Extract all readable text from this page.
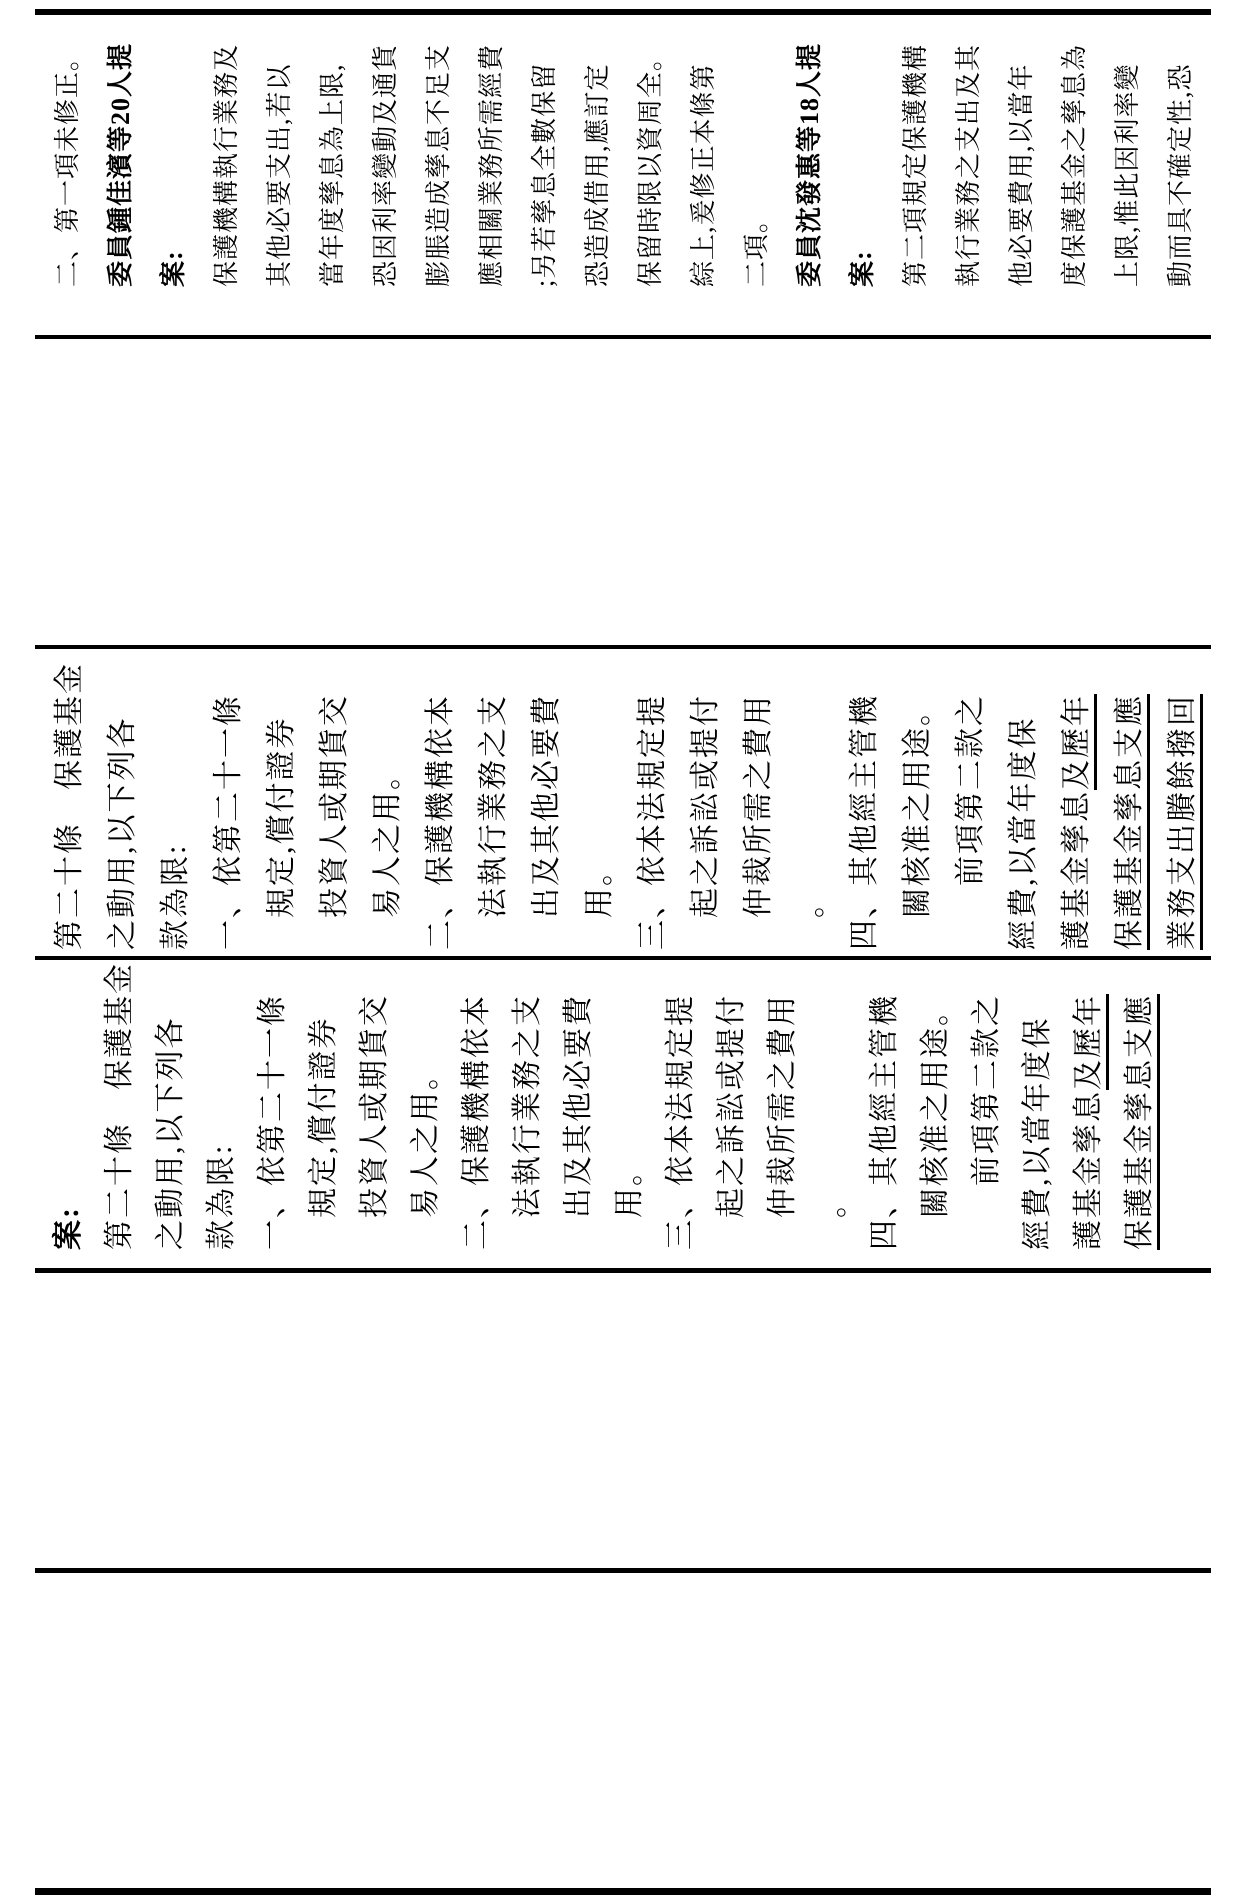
案: 第二十條　保護基金 之動用,以下列各 款為限: 一、依第二十一條 　規定,償付證券 　投資人或期貨交 　易人之用。 二、保護機構依本 　法執行業務之支 　出及其他必要費 　用。 三、依本法規定提 　起之訴訟或提付 　仲裁所需之費用 　。 四、其他經主管機 　關核准之用途。 　　前項第二款之 經費,以當年度保 護基金孳息及歷年 保護基金孳息支應
第二十條　保護基金 之動用,以下列各 款為限: 一、依第二十一條 　規定,償付證券 　投資人或期貨交 　易人之用。 二、保護機構依本 　法執行業務之支 　出及其他必要費 　用。 三、依本法規定提 　起之訴訟或提付 　仲裁所需之費用 　。 四、其他經主管機 　關核准之用途。 　　前項第二款之 經費,以當年度保 護基金孳息及歷年 保護基金孳息支應 業務支出賸餘撥回
二、第一項未修正。 委員鍾佳濱等20人提 案: 保護機構執行業務及 其他必要支出,若以 當年度孳息為上限, 恐因利率變動及通貨 膨脹造成孳息不足支 應相關業務所需經費 ;另若孳息全數保留 恐造成借用,應訂定 保留時限以資周全。 綜上,爰修正本條第 二項。 委員沈發惠等18人提 案: 第二項規定保護機構 執行業務之支出及其 他必要費用,以當年 度保護基金之孳息為 上限,惟此因利率變 動而具不確定性,恐
